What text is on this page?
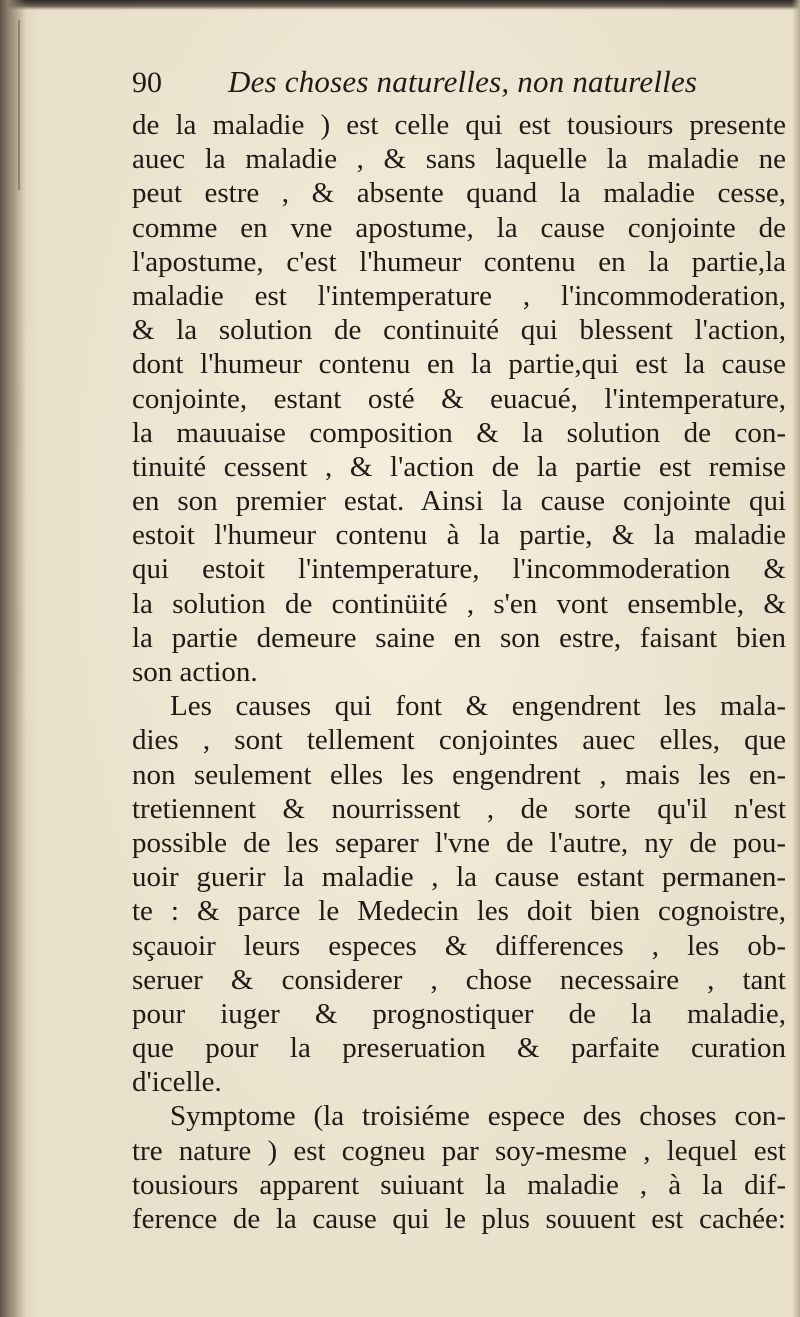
90 Des choses naturelles, non naturelles
de la maladie ) est celle qui est tousiours presente
auec la maladie , & sans laquelle la maladie ne
peut estre , & absente quand la maladie cesse,
comme en vne apostume, la cause conjointe de
l'apostume, c'est l'humeur contenu en la partie,la
maladie est l'intemperature , l'incommoderation,
& la solution de continuité qui blessent l'action,
dont l'humeur contenu en la partie,qui est la cause
conjointe, estant osté & euacué, l'intemperature,
la mauuaise composition & la solution de con-
tinuité cessent , & l'action de la partie est remise
en son premier estat. Ainsi la cause conjointe qui
estoit l'humeur contenu à la partie, & la maladie
qui estoit l'intemperature, l'incommoderation &
la solution de continüité , s'en vont ensemble, &
la partie demeure saine en son estre, faisant bien
son action.
Les causes qui font & engendrent les mala-
dies , sont tellement conjointes auec elles, que
non seulement elles les engendrent , mais les en-
tretiennent & nourrissent , de sorte qu'il n'est
possible de les separer l'vne de l'autre, ny de pou-
uoir guerir la maladie , la cause estant permanen-
te : & parce le Medecin les doit bien cognoistre,
sçauoir leurs especes & differences , les ob-
seruer & considerer , chose necessaire , tant
pour iuger & prognostiquer de la maladie,
que pour la preseruation & parfaite curation
d'icelle.
Symptome (la troisiéme espece des choses con-
tre nature ) est cogneu par soy-mesme , lequel est
tousiours apparent suiuant la maladie , à la dif-
ference de la cause qui le plus souuent est cachée:
